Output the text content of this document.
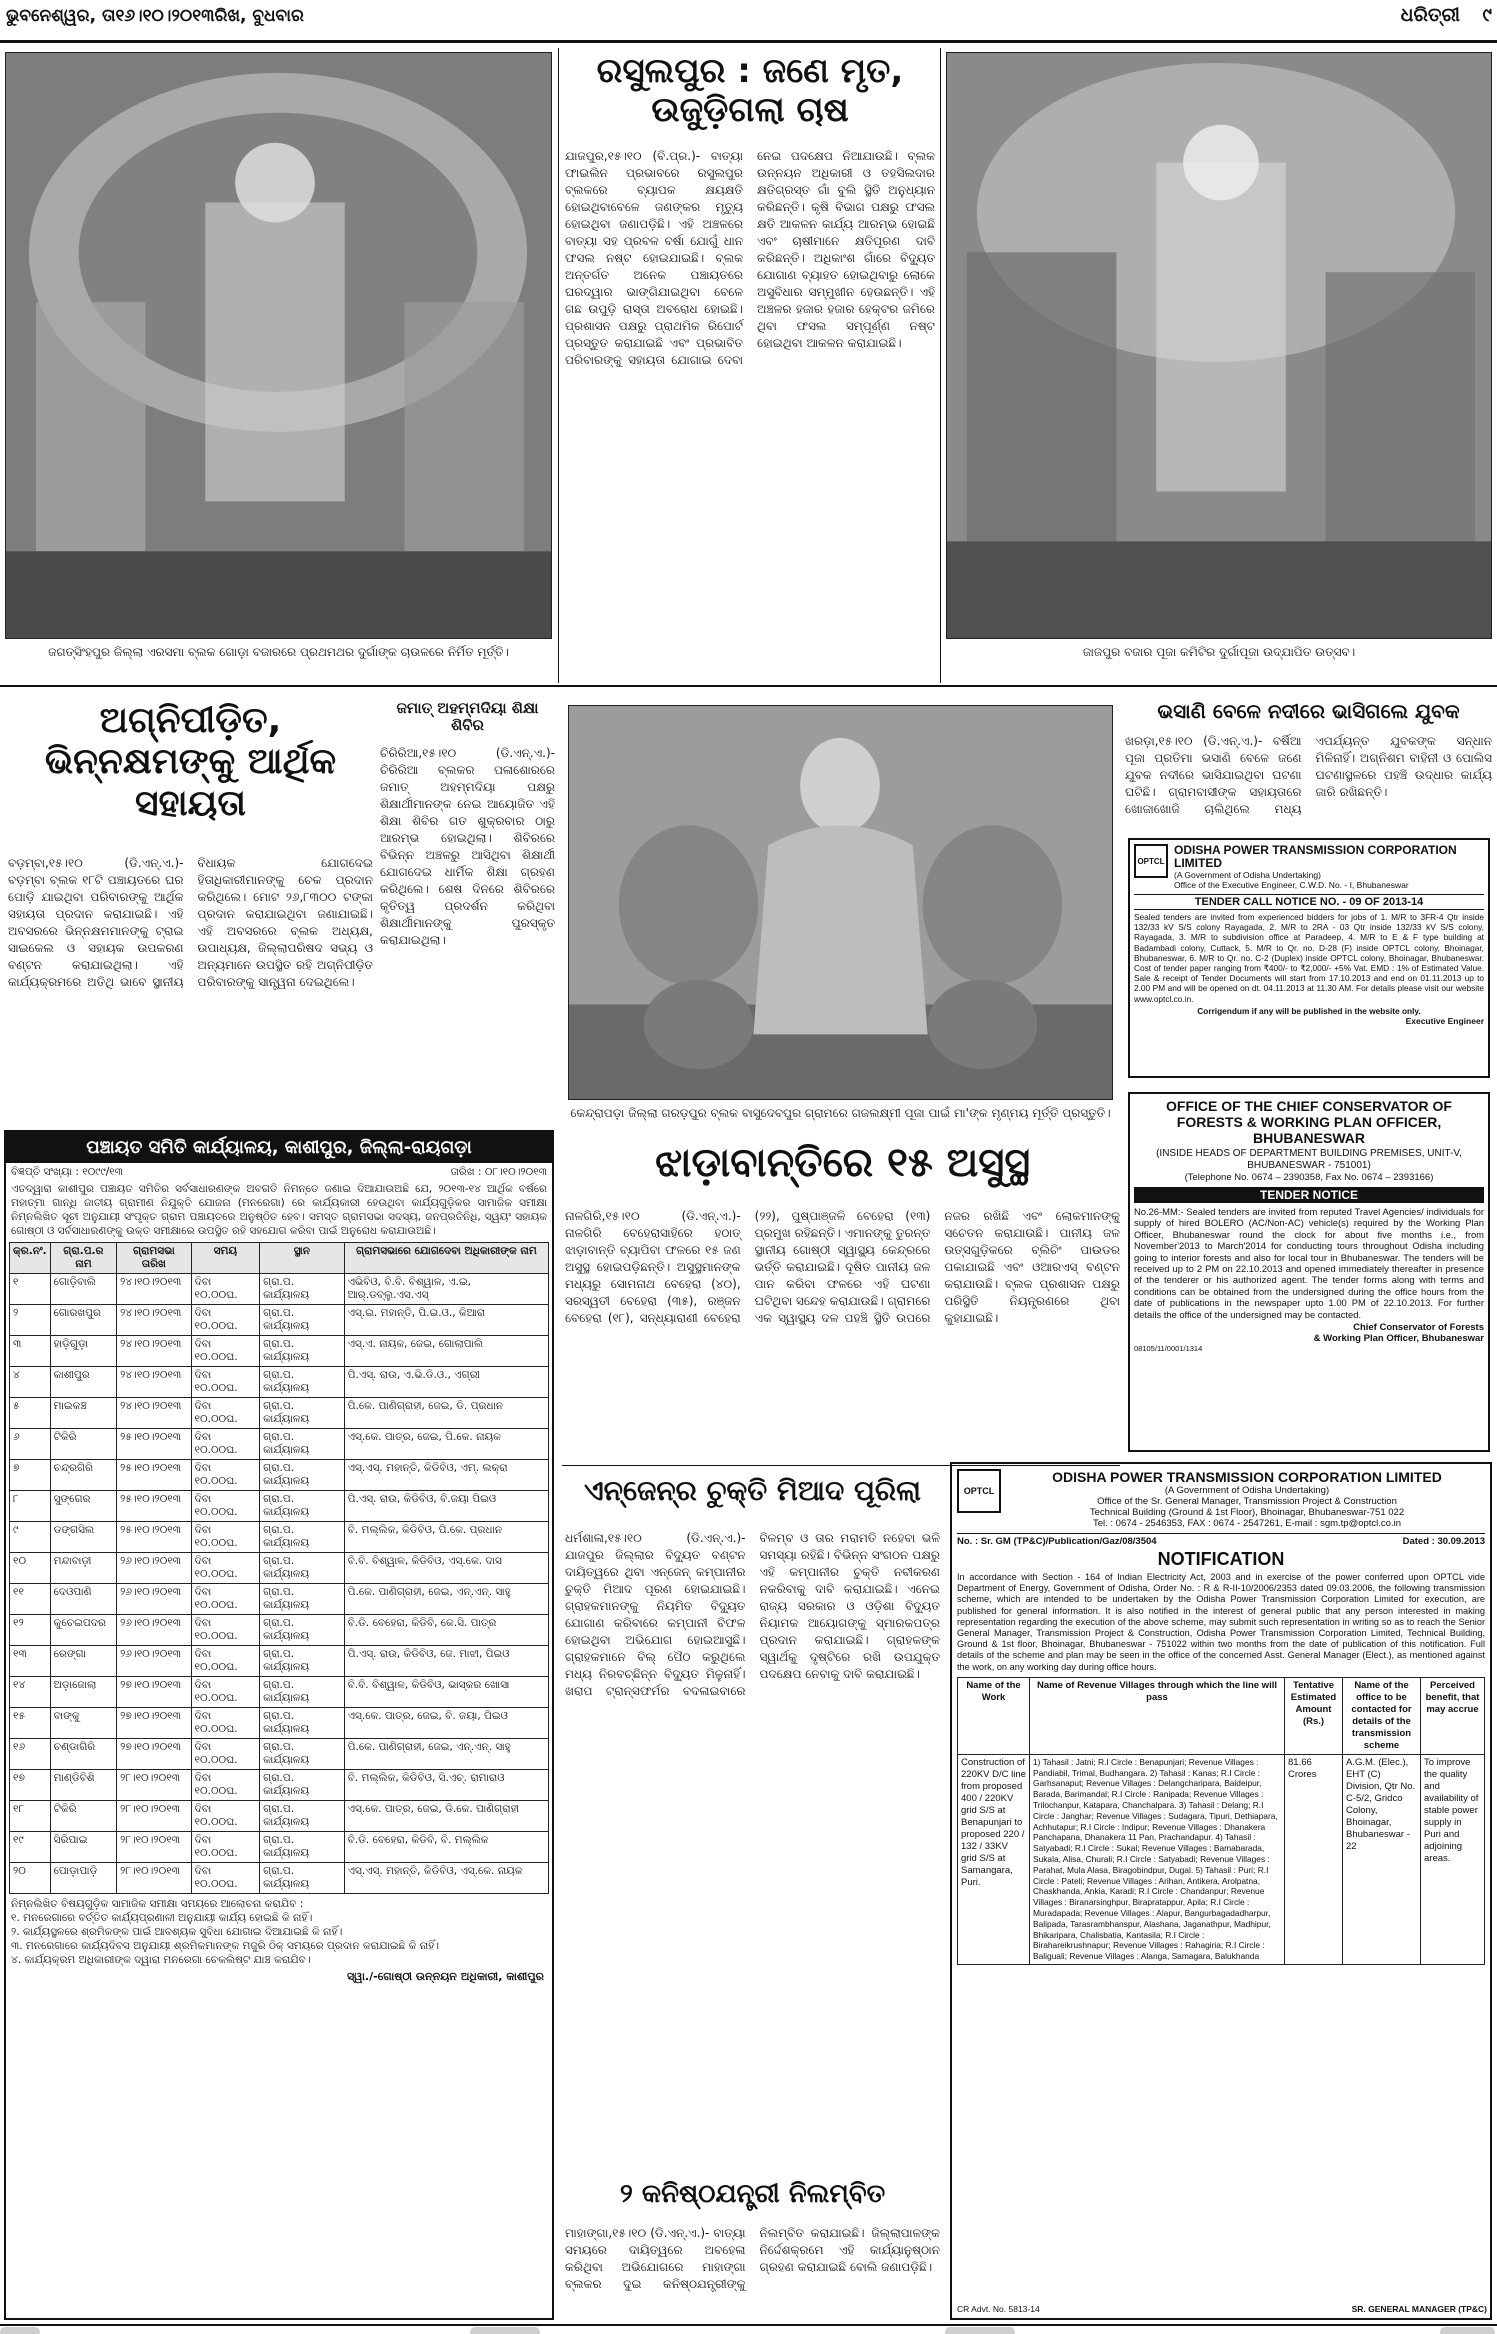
ଭୁବନେଶ୍ୱର, ତା୧୬।୧୦।୨୦୧୩ରିଖ, ବୁଧବାର	ଧରିତ୍ରୀ	୯
ଜଗତ୍‌ସିଂହପୁର ଜିଲ୍ଲା ଏରସମା ବ୍ଲକ ଗୋଡ଼ା ବଜାରରେ ପ୍ରଥମଥର ଦୁର୍ଗାଙ୍କ ଚାଉଳରେ ନିର୍ମିତ ମୂର୍ତ୍ତି।
ରସୁଲପୁର : ଜଣେ ମୃତ, ଉଜୁଡ଼ିଗଲା ଚାଷ
ଯାଜପୁର,୧୫।୧୦ (ବି.ପ୍ର.)- ବାତ୍ୟା ଫାଇଲିନ ପ୍ରଭାବରେ ରସୁଲପୁର ବ୍ଲକରେ ବ୍ୟାପକ କ୍ଷୟକ୍ଷତି ହୋଇଥିବାବେଳେ ଜଣଙ୍କର ମୃତ୍ୟୁ ହୋଇଥିବା ଜଣାପଡ଼ିଛି। ଏହି ଅଞ୍ଚଳରେ ବାତ୍ୟା ସହ ପ୍ରବଳ ବର୍ଷା ଯୋଗୁଁ ଧାନ ଫସଲ ନଷ୍ଟ ହୋଇଯାଇଛି। ବ୍ଲକ ଅନ୍ତର୍ଗତ ଅନେକ ପଞ୍ଚାୟତରେ ଘରଦ୍ୱାର ଭାଙ୍ଗିଯାଇଥିବା ବେଳେ ଗଛ ଉପୁଡ଼ି ରାସ୍ତା ଅବରୋଧ ହୋଇଛି। ପ୍ରଶାସନ ପକ୍ଷରୁ ପ୍ରାଥମିକ ରିପୋର୍ଟ ପ୍ରସ୍ତୁତ କରାଯାଇଛି ଏବଂ ପ୍ରଭାବିତ ପରିବାରଙ୍କୁ ସହାୟତା ଯୋଗାଇ ଦେବା ନେଇ ପଦକ୍ଷେପ ନିଆଯାଉଛି। ବ୍ଲକ ଉନ୍ନୟନ ଅଧିକାରୀ ଓ ତହସିଲଦାର କ୍ଷତିଗ୍ରସ୍ତ ଗାଁ ବୁଲି ସ୍ଥିତି ଅନୁଧ୍ୟାନ କରିଛନ୍ତି। କୃଷି ବିଭାଗ ପକ୍ଷରୁ ଫସଲ କ୍ଷତି ଆକଳନ କାର୍ଯ୍ୟ ଆରମ୍ଭ ହୋଇଛି ଏବଂ ଚାଷୀମାନେ କ୍ଷତିପୂରଣ ଦାବି କରିଛନ୍ତି। ଅଧିକାଂଶ ଗାଁରେ ବିଦ୍ୟୁତ ଯୋଗାଣ ବ୍ୟାହତ ହୋଇଥିବାରୁ ଲୋକେ ଅସୁବିଧାର ସମ୍ମୁଖୀନ ହେଉଛନ୍ତି। ଏହି ଅଞ୍ଚଳର ହଜାର ହଜାର ହେକ୍ଟର ଜମିରେ ଥିବା ଫସଲ ସମ୍ପୂର୍ଣ୍ଣ ନଷ୍ଟ ହୋଇଥିବା ଆକଳନ କରାଯାଇଛି।
ଜାଜପୁର ବଜାର ପୂଜା କମିଟିର ଦୁର୍ଗାପୂଜା ଉଦ୍‌ଯାପିତ ଉତ୍ସବ।
ଅଗ୍ନିପୀଡ଼ିତ, ଭିନ୍ନକ୍ଷମଙ୍କୁ ଆର୍ଥିକ ସହାୟତା
ବଡ଼ମ୍ବା,୧୫।୧୦ (ଡି.ଏନ୍.ଏ.)- ବଡ଼ମ୍ବା ବ୍ଲକ ୧୮ଟି ପଞ୍ଚାୟତରେ ଘର ପୋଡ଼ି ଯାଇଥିବା ପରିବାରଙ୍କୁ ଆର୍ଥିକ ସହାୟତା ପ୍ରଦାନ କରାଯାଇଛି। ଏହି ଅବସରରେ ଭିନ୍ନକ୍ଷମମାନଙ୍କୁ ଟ୍ରାଇ ସାଇକେଲ ଓ ସହାୟକ ଉପକରଣ ବଣ୍ଟନ କରାଯାଇଥିଲା। ଏହି କାର୍ଯ୍ୟକ୍ରମରେ ଅତିଥି ଭାବେ ସ୍ଥାନୀୟ ବିଧାୟକ ଯୋଗଦେଇ ହିତାଧିକାରୀମାନଙ୍କୁ ଚେକ ପ୍ରଦାନ କରିଥିଲେ। ମୋଟ ୨୬,୮୩୦୦ ଟଙ୍କା ପ୍ରଦାନ କରାଯାଇଥିବା ଜଣାଯାଇଛି। ଏହି ଅବସରରେ ବ୍ଲକ ଅଧ୍ୟକ୍ଷ, ଉପାଧ୍ୟକ୍ଷ, ଜିଲ୍ଲାପରିଷଦ ସଭ୍ୟ ଓ ଅନ୍ୟମାନେ ଉପସ୍ଥିତ ରହି ଅଗ୍ନିପୀଡ଼ିତ ପରିବାରଙ୍କୁ ସାନ୍ତ୍ୱନା ଦେଇଥିଲେ।
ଜମାତ୍‌ ଅହମ୍ମଦିୟା ଶିକ୍ଷା ଶିବିର
ଚିରିରିଆ,୧୫।୧୦ (ଡି.ଏନ୍.ଏ.)- ଚିରିରିଆ ବ୍ଲକର ପଳାଶୋରରେ ଜମାତ୍‌ ଅହମ୍ମଦିୟା ପକ୍ଷରୁ ଶିକ୍ଷାର୍ଥୀମାନଙ୍କ ନେଇ ଆୟୋଜିତ ଏହି ଶିକ୍ଷା ଶିବିର ଗତ ଶୁକ୍ରବାର ଠାରୁ ଆରମ୍ଭ ହୋଇଥିଲା। ଶିବିରରେ ବିଭିନ୍ନ ଅଞ୍ଚଳରୁ ଆସିଥିବା ଶିକ୍ଷାର୍ଥୀ ଯୋଗଦେଇ ଧାର୍ମିକ ଶିକ୍ଷା ଗ୍ରହଣ କରିଥିଲେ। ଶେଷ ଦିନରେ ଶିବିରରେ କୃତିତ୍ୱ ପ୍ରଦର୍ଶନ କରିଥିବା ଶିକ୍ଷାର୍ଥୀମାନଙ୍କୁ ପୁରସ୍କୃତ କରାଯାଇଥିଲା।
କେନ୍ଦ୍ରାପଡ଼ା ଜିଲ୍ଲା ଗରଡ଼ପୁର ବ୍ଲକ ବାସୁଦେବପୁର ଗ୍ରାମରେ ଗଜଲକ୍ଷ୍ମୀ ପୂଜା ପାଇଁ ମା'ଙ୍କ ମୃଣ୍ମୟ ମୂର୍ତ୍ତି ପ୍ରସ୍ତୁତି।
ଭସାଣି ବେଳେ ନଦୀରେ ଭାସିଗଲେ ଯୁବକ
ଖରଡ଼ା,୧୫।୧୦ (ଡି.ଏନ୍.ଏ.)- ବର୍ଷିଆ ପୂଜା ପ୍ରତିମା ଭସାଣି ବେଳେ ଜଣେ ଯୁବକ ନଦୀରେ ଭାସିଯାଇଥିବା ଘଟଣା ଘଟିଛି। ଗ୍ରାମବାସୀଙ୍କ ସହାୟତାରେ ଖୋଜାଖୋଜି ଚାଲିଥିଲେ ମଧ୍ୟ ଏପର୍ଯ୍ୟନ୍ତ ଯୁବକଙ୍କ ସନ୍ଧାନ ମିଳିନାହିଁ। ଅଗ୍ନିଶମ ବାହିନୀ ଓ ପୋଲିସ ଘଟଣାସ୍ଥଳରେ ପହଞ୍ଚି ଉଦ୍ଧାର କାର୍ଯ୍ୟ ଜାରି ରଖିଛନ୍ତି।
OPTCL
ODISHA POWER TRANSMISSION CORPORATION LIMITED
(A Government of Odisha Undertaking)
Office of the Executive Engineer, C.W.D. No. - I, Bhubaneswar
TENDER CALL NOTICE NO. - 09 OF 2013-14
Sealed tenders are invited from experienced bidders for jobs of 1. M/R to 3FR-4 Qtr inside 132/33 kV S/S colony Rayagada, 2. M/R to 2RA - 03 Qtr inside 132/33 kV S/S colony, Rayagada, 3. M/R to subdivision office at Paradeep, 4. M/R to E & F type building at Badambadi colony, Cuttack, 5. M/R to Qr. no. D-28 (F) inside OPTCL colony, Bhoinagar, Bhubaneswar, 6. M/R to Qr. no. C-2 (Duplex) inside OPTCL colony, Bhoinagar, Bhubaneswar. Cost of tender paper ranging from ₹400/- to ₹2,000/- +5% Vat. EMD : 1% of Estimated Value. Sale & receipt of Tender Documents will start from 17.10.2013 and end on 01.11.2013 up to 2.00 PM and will be opened on dt. 04.11.2013 at 11.30 AM. For details please visit our website www.optcl.co.in.
Corrigendum if any will be published in the website only.
Executive Engineer
OFFICE OF THE CHIEF CONSERVATOR OF FORESTS & WORKING PLAN OFFICER, BHUBANESWAR
(INSIDE HEADS OF DEPARTMENT BUILDING PREMISES, UNIT-V, BHUBANESWAR - 751001)
(Telephone No. 0674 – 2390358, Fax No. 0674 – 2393166)
TENDER NOTICE
No.26-MM:- Sealed tenders are invited from reputed Travel Agencies/ individuals for supply of hired BOLERO (AC/Non-AC) vehicle(s) required by the Working Plan Officer, Bhubaneswar round the clock for about five months i.e., from November'2013 to March'2014 for conducting tours throughout Odisha including going to interior forests and also for local tour in Bhubaneswar. The tenders will be received up to 2 PM on 22.10.2013 and opened immediately thereafter in presence of the tenderer or his authorized agent. The tender forms along with terms and conditions can be obtained from the undersigned during the office hours from the date of publications in the newspaper upto 1.00 PM of 22.10.2013. For further details the office of the undersigned may be contacted.
Chief Conservator of Forests
& Working Plan Officer, Bhubaneswar
08105/11/0001/1314
ପଞ୍ଚାୟତ ସମିତି କାର୍ଯ୍ୟାଳୟ, କାଶୀପୁର, ଜିଲ୍ଲା-ରାୟଗଡ଼ା
ବିଜ୍ଞପ୍ତି ସଂଖ୍ୟା : ୧୦୯୯/୧୩	ତାରିଖ : ୦୮।୧୦।୨୦୧୩
ଏତଦ୍ୱାରା କାଶୀପୁର ପଞ୍ଚାୟତ ସମିତିର ସର୍ବସାଧାରଣଙ୍କ ଅବଗତି ନିମନ୍ତେ ଜଣାଇ ଦିଆଯାଉଅଛି ଯେ, ୨୦୧୩-୧୪ ଆର୍ଥିକ ବର୍ଷରେ ମହାତ୍ମା ଗାନ୍ଧି ଜାତୀୟ ଗ୍ରାମୀଣ ନିଯୁକ୍ତି ଯୋଜନା (ମନରେଗା) ରେ କାର୍ଯ୍ୟକାରୀ ହେଉଥିବା କାର୍ଯ୍ୟଗୁଡ଼ିକର ସାମାଜିକ ସମୀକ୍ଷା ନିମ୍ନଲିଖିତ ସୂଚୀ ଅନୁଯାୟୀ ସଂପୃକ୍ତ ଗ୍ରାମ ପଞ୍ଚାୟତରେ ଅନୁଷ୍ଠିତ ହେବ। ସମସ୍ତ ଗ୍ରାମସଭା ସଦସ୍ୟ, ଜନପ୍ରତିନିଧି, ସ୍ୱୟଂ ସହାୟକ ଗୋଷ୍ଠୀ ଓ ସର୍ବସାଧାରଣଙ୍କୁ ଉକ୍ତ ସମୀକ୍ଷାରେ ଉପସ୍ଥିତ ରହି ସହଯୋଗ କରିବା ପାଇଁ ଅନୁରୋଧ କରାଯାଉଅଛି।
କ୍ର.ନଂ.	ଗ୍ରା.ପ.ର ନାମ	ଗ୍ରାମସଭା ତାରିଖ	ସମୟ	ସ୍ଥାନ	ଗ୍ରାମସଭାରେ ଯୋଗଦେବା ଅଧିକାରୀଙ୍କ ନାମ
୧	ଗୋଡ଼ିବାଲି	୨୪।୧୦।୨୦୧୩	ଦିବା ୧୦.୦୦ଘ.	ଗ୍ରା.ପ. କାର୍ଯ୍ୟାଳୟ	ଏଭିବିଓ, ବି.ବି. ବିଶ୍ୱାଳ, ଏ.ଇ, ଆର୍.ଡବ୍ଲୁ.ଏସ.ଏସ୍
୨	ଗୋରଖପୁର	୨୪।୧୦।୨୦୧୩	ଦିବା ୧୦.୦୦ଘ.	ଗ୍ରା.ପ. କାର୍ଯ୍ୟାଳୟ	ଏସ୍.ଇ. ମହାନ୍ତି, ପି.ଇ.ଓ., କିଆରା
୩	ହାଡ଼ିଗୁଡ଼ା	୨୪।୧୦।୨୦୧୩	ଦିବା ୧୦.୦୦ଘ.	ଗ୍ରା.ପ. କାର୍ଯ୍ୟାଳୟ	ଏସ୍.ଏ. ନାୟକ, ଜେଇ, ଗୋଲାପାଲି
୪	କାଶୀପୁର	୨୪।୧୦।୨୦୧୩	ଦିବା ୧୦.୦୦ଘ.	ଗ୍ରା.ପ. କାର୍ଯ୍ୟାଳୟ	ପି.ଏସ୍. ରାଉ, ଏ.ଭି.ଡି.ଓ., ଏଗ୍ରୀ
୫	ମାଇକଞ୍ଚ	୨୪।୧୦।୨୦୧୩	ଦିବା ୧୦.୦୦ଘ.	ଗ୍ରା.ପ. କାର୍ଯ୍ୟାଳୟ	ପି.କେ. ପାଣିଗ୍ରାହୀ, ଜେଇ, ଡି. ପ୍ରଧାନ
୬	ଟିକିରି	୨୫।୧୦।୨୦୧୩	ଦିବା ୧୦.୦୦ଘ.	ଗ୍ରା.ପ. କାର୍ଯ୍ୟାଳୟ	ଏସ୍.କେ. ପାତ୍ର, ଜେଇ, ପି.କେ. ନାୟକ
୭	ଚନ୍ଦ୍ରଗିରି	୨୫।୧୦।୨୦୧୩	ଦିବା ୧୦.୦୦ଘ.	ଗ୍ରା.ପ. କାର୍ଯ୍ୟାଳୟ	ଏସ୍.ଏସ୍. ମହାନ୍ତି, କିଡିବିଓ, ଏମ୍. ଲକ୍ରା
୮	ସୁଙ୍ଗେର	୨୫।୧୦।୨୦୧୩	ଦିବା ୧୦.୦୦ଘ.	ଗ୍ରା.ପ. କାର୍ଯ୍ୟାଳୟ	ପି.ଏସ୍. ରାଉ, କିଡିବିଓ, ବି.ଜୟା ପିଇଓ
୯	ଡଙ୍ଗସିଲ	୨୫।୧୦।୨୦୧୩	ଦିବା ୧୦.୦୦ଘ.	ଗ୍ରା.ପ. କାର୍ଯ୍ୟାଳୟ	ବି. ମଲ୍ଲିକ, କିଡିବିଓ, ପି.କେ. ପ୍ରଧାନ
୧୦	ମନ୍ଦାବାଡ଼ୀ	୨୬।୧୦।୨୦୧୩	ଦିବା ୧୦.୦୦ଘ.	ଗ୍ରା.ପ. କାର୍ଯ୍ୟାଳୟ	ବି.ବି. ବିଶ୍ୱାଳ, କିଡିବିଓ, ଏସ୍.କେ. ଦାସ
୧୧	ଦେଓପାଣି	୨୬।୧୦।୨୦୧୩	ଦିବା ୧୦.୦୦ଘ.	ଗ୍ରା.ପ. କାର୍ଯ୍ୟାଳୟ	ପି.କେ. ପାଣିଗ୍ରାହୀ, ଜେଇ, ଏନ୍.ଏନ୍. ସାହୁ
୧୨	କୁଚେଇପଦର	୨୬।୧୦।୨୦୧୩	ଦିବା ୧୦.୦୦ଘ.	ଗ୍ରା.ପ. କାର୍ଯ୍ୟାଳୟ	ବି.ଡି. ବେହେରା, କିଡିବି, କେ.ସି. ପାତ୍ର
୧୩	ରେଙ୍ଗା	୨୬।୧୦।୨୦୧୩	ଦିବା ୧୦.୦୦ଘ.	ଗ୍ରା.ପ. କାର୍ଯ୍ୟାଳୟ	ପି.ଏସ୍. ରାଉ, କିଡିବିଓ, ଜେ. ମାଝୀ, ପିଇଓ
୧୪	ଅଡ଼ାଜୋଲା	୨୭।୧୦।୨୦୧୩	ଦିବା ୧୦.୦୦ଘ.	ଗ୍ରା.ପ. କାର୍ଯ୍ୟାଳୟ	ବି.ବି. ବିଶ୍ୱାଳ, କିଡିବିଓ, ଭାସ୍କର ଖୋସା
୧୫	ବାଙ୍କୁ	୨୭।୧୦।୨୦୧୩	ଦିବା ୧୦.୦୦ଘ.	ଗ୍ରା.ପ. କାର୍ଯ୍ୟାଳୟ	ଏସ୍.କେ. ପାତ୍ର, ଜେଇ, ବି. ଜୟା, ପିଇଓ
୧୬	ଚଣ୍ଡାଗିରି	୨୭।୧୦।୨୦୧୩	ଦିବା ୧୦.୦୦ଘ.	ଗ୍ରା.ପ. କାର୍ଯ୍ୟାଳୟ	ପି.କେ. ପାଣିଗ୍ରାହୀ, ଜେଇ, ଏନ୍.ଏନ୍. ସାହୁ
୧୭	ମାଣ୍ଡିବିଶି	୨୮।୧୦।୨୦୧୩	ଦିବା ୧୦.୦୦ଘ.	ଗ୍ରା.ପ. କାର୍ଯ୍ୟାଳୟ	ବି. ମଲ୍ଲିକ, କିଡିବିଓ, ସି.ଏଚ୍. ରାମାରାଓ
୧୮	ଟିକିରି	୨୮।୧୦।୨୦୧୩	ଦିବା ୧୦.୦୦ଘ.	ଗ୍ରା.ପ. କାର୍ଯ୍ୟାଳୟ	ଏସ୍.କେ. ପାତ୍ର, ଜେଇ, ଡି.କେ. ପାଣିଗ୍ରାହୀ
୧୯	ସିରିପାଇ	୨୮।୧୦।୨୦୧୩	ଦିବା ୧୦.୦୦ଘ.	ଗ୍ରା.ପ. କାର୍ଯ୍ୟାଳୟ	ବି.ଡି. ବେହେରା, କିଡିବି, ବି. ମଲ୍ଲିକ
୨୦	ପୋଡ଼ାପାଡ଼ି	୨୮।୧୦।୨୦୧୩	ଦିବା ୧୦.୦୦ଘ.	ଗ୍ରା.ପ. କାର୍ଯ୍ୟାଳୟ	ଏସ୍.ଏସ୍. ମହାନ୍ତି, କିଡିବିଓ, ଏସ୍.କେ. ନାୟକ
ନିମ୍ନଲିଖିତ ବିଷୟଗୁଡ଼ିକ ସାମାଜିକ ସମୀକ୍ଷା ସମୟରେ ଆଲୋଚନା କରାଯିବ :
୧. ମନରେଗାରେ ବର୍ତ୍ତିତ କାର୍ଯ୍ୟପ୍ରଣାଳୀ ଅନୁଯାୟୀ କାର୍ଯ୍ୟ ହୋଇଛି କି ନାହିଁ।
୨. କାର୍ଯ୍ୟସ୍ଥଳରେ ଶ୍ରମିକଙ୍କ ପାଇଁ ଆବଶ୍ୟକ ସୁବିଧା ଯୋଗାଇ ଦିଆଯାଇଛି କି ନାହିଁ।
୩. ମନରେଗାରେ କାର୍ଯ୍ୟଦିବସ ଅନୁଯାୟୀ ଶ୍ରମିକମାନଙ୍କ ମଜୁରି ଠିକ୍ ସମୟରେ ପ୍ରଦାନ କରାଯାଇଛି କି ନାହିଁ।
୪. କାର୍ଯ୍ୟକ୍ରମ ଅଧିକାରୀଙ୍କ ଦ୍ୱାରା ମନରେଗା ଚେକଲିଷ୍ଟ ଯାଞ୍ଚ କରାଯିବ।
ସ୍ୱା./-ଗୋଷ୍ଠୀ ଉନ୍ନୟନ ଅଧିକାରୀ, କାଶୀପୁର
ଝାଡ଼ାବାନ୍ତିରେ ୧୫ ଅସୁସ୍ଥ
ନାଳଗିରି,୧୫।୧୦ (ଡି.ଏନ୍.ଏ.)- ନାଳଗିରି ବେହେରାସାହିରେ ହଠାତ୍ ଝାଡ଼ାବାନ୍ତି ବ୍ୟାପିବା ଫଳରେ ୧୫ ଜଣ ଅସୁସ୍ଥ ହୋଇପଡ଼ିଛନ୍ତି। ଅସୁସ୍ଥମାନଙ୍କ ମଧ୍ୟରୁ ସୋମନାଥ ବେହେରା (୪୦), ସରସ୍ୱତୀ ବେହେରା (୩୫), ରଞ୍ଜନ ବେହେରା (୧୮), ସନ୍ଧ୍ୟାରାଣୀ ବେହେରା (୨୨), ପୁଷ୍ପାଞ୍ଜଳି ବେହେରା (୧୩) ପ୍ରମୁଖ ରହିଛନ୍ତି। ଏମାନଙ୍କୁ ତୁରନ୍ତ ସ୍ଥାନୀୟ ଗୋଷ୍ଠୀ ସ୍ୱାସ୍ଥ୍ୟ କେନ୍ଦ୍ରରେ ଭର୍ତ୍ତି କରାଯାଇଛି। ଦୂଷିତ ପାନୀୟ ଜଳ ପାନ କରିବା ଫଳରେ ଏହି ଘଟଣା ଘଟିଥିବା ସନ୍ଦେହ କରାଯାଉଛି। ଗ୍ରାମରେ ଏକ ସ୍ୱାସ୍ଥ୍ୟ ଦଳ ପହଞ୍ଚି ସ୍ଥିତି ଉପରେ ନଜର ରଖିଛି ଏବଂ ଲୋକମାନଙ୍କୁ ସଚେତନ କରାଯାଉଛି। ପାନୀୟ ଜଳ ଉତ୍ସଗୁଡ଼ିକରେ ବ୍ଲିଚିଂ ପାଉଡର ପକାଯାଇଛି ଏବଂ ଓଆରଏସ୍ ବଣ୍ଟନ କରାଯାଉଛି। ବ୍ଲକ ପ୍ରଶାସନ ପକ୍ଷରୁ ପରିସ୍ଥିତି ନିୟନ୍ତ୍ରଣରେ ଥିବା କୁହାଯାଇଛି।
ଏନ୍‌ଜେନ୍‌ର ଚୁକ୍ତି ମିଆଦ ପୂରିଲା
ଧର୍ମଶାଳା,୧୫।୧୦ (ଡି.ଏନ୍.ଏ.)- ଯାଜପୁର ଜିଲ୍ଲାର ବିଦ୍ୟୁତ ବଣ୍ଟନ ଦାୟିତ୍ୱରେ ଥିବା ଏନ୍‌ଜେନ୍ କମ୍ପାନୀର ଚୁକ୍ତି ମିଆଦ ପୂରଣ ହୋଇଯାଇଛି। ଗ୍ରାହକମାନଙ୍କୁ ନିୟମିତ ବିଦ୍ୟୁତ ଯୋଗାଣ କରିବାରେ କମ୍ପାନୀ ବିଫଳ ହୋଇଥିବା ଅଭିଯୋଗ ହୋଇଆସୁଛି। ଗ୍ରାହକମାନେ ବିଲ୍ ପୈଠ କରୁଥିଲେ ମଧ୍ୟ ନିରବଚ୍ଛିନ୍ନ ବିଦ୍ୟୁତ ମିଳୁନାହିଁ। ଖରାପ ଟ୍ରାନ୍ସଫର୍ମର ବଦଳାଇବାରେ ବିଳମ୍ବ ଓ ତାର ମରାମତି ନହେବା ଭଳି ସମସ୍ୟା ରହିଛି। ବିଭିନ୍ନ ସଂଗଠନ ପକ୍ଷରୁ ଏହି କମ୍ପାନୀର ଚୁକ୍ତି ନବୀକରଣ ନକରିବାକୁ ଦାବି କରାଯାଇଛି। ଏନେଇ ରାଜ୍ୟ ସରକାର ଓ ଓଡ଼ିଶା ବିଦ୍ୟୁତ ନିୟାମକ ଆୟୋଗଙ୍କୁ ସ୍ମାରକପତ୍ର ପ୍ରଦାନ କରାଯାଇଛି। ଗ୍ରାହକଙ୍କ ସ୍ୱାର୍ଥକୁ ଦୃଷ୍ଟିରେ ରଖି ଉପଯୁକ୍ତ ପଦକ୍ଷେପ ନେବାକୁ ଦାବି କରାଯାଇଛି।
୨ କନିଷ୍ଠଯନ୍ତ୍ରୀ ନିଲମ୍ବିତ
ମାହାଙ୍ଗା,୧୫।୧୦ (ଡି.ଏନ୍.ଏ.)- ବାତ୍ୟା ସମୟରେ ଦାୟିତ୍ୱରେ ଅବହେଳା କରିଥିବା ଅଭିଯୋଗରେ ମାହାଙ୍ଗା ବ୍ଲକର ଦୁଇ କନିଷ୍ଠଯନ୍ତ୍ରୀଙ୍କୁ ନିଲମ୍ବିତ କରାଯାଇଛି। ଜିଲ୍ଲାପାଳଙ୍କ ନିର୍ଦ୍ଦେଶକ୍ରମେ ଏହି କାର୍ଯ୍ୟାନୁଷ୍ଠାନ ଗ୍ରହଣ କରାଯାଇଛି ବୋଲି ଜଣାପଡ଼ିଛି।
OPTCL
ODISHA POWER TRANSMISSION CORPORATION LIMITED
(A Government of Odisha Undertaking)
Office of the Sr. General Manager, Transmission Project & Construction
Technical Building (Ground & 1st Floor), Bhoinagar, Bhubaneswar-751 022
Tel. : 0674 - 2546353, FAX : 0674 - 2547261, E-mail : sgm.tp@optcl.co.in
No. : Sr. GM (TP&C)/Publication/Gaz/08/3504	Dated : 30.09.2013
NOTIFICATION
In accordance with Section - 164 of Indian Electricity Act, 2003 and in exercise of the power conferred upon OPTCL vide Department of Energy, Government of Odisha, Order No. : R & R-II-10/2006/2353 dated 09.03.2006, the following transmission scheme, which are intended to be undertaken by the Odisha Power Transmission Corporation Limited for execution, are published for general information. It is also notified in the interest of general public that any person interested in making representation regarding the execution of the above scheme, may submit such representation in writing so as to reach the Senior General Manager, Transmission Project & Construction, Odisha Power Transmission Corporation Limited, Technical Building, Ground & 1st floor, Bhoinagar, Bhubaneswar - 751022 within two months from the date of publication of this notification. Full details of the scheme and plan may be seen in the office of the concerned Asst. General Manager (Elect.), as mentioned against the work, on any working day during office hours.
Name of the Work	Name of Revenue Villages through which the line will pass	Tentative Estimated Amount (Rs.)	Name of the office to be contacted for details of the transmission scheme	Perceived benefit, that may accrue
Construction of 220KV D/C line from proposed 400 / 220KV grid S/S at Benapunjari to proposed 220 / 132 / 33KV grid S/S at Samangara, Puri.	1) Tahasil : Jatni; R.I Circle : Benapunjari; Revenue Villages : Pandiabil, Trimal, Budhangara. 2) Tahasil : Kanas; R.I Circle : Garhsanaput; Revenue Villages : Delangcharipara, Baideipur, Barada, Barimandal; R.I Circle : Ranipada; Revenue Villages : Trilochanpur, Katapara, Chanchalpara. 3) Tahasil : Delang; R.I Circle : Janghar; Revenue Villages : Sudagara, Tipuri, Dethiapara, Achhutapur; R.I Circle : Indipur; Revenue Villages : Dhanakera Panchapana, Dhanakera 11 Pan, Prachandapur. 4) Tahasil : Satyabadi; R.I Circle : Sukal; Revenue Villages : Bamabarada, Sukala, Alisa, Churali; R.I Circle : Satyabadi; Revenue Villages : Parahat, Mula Alasa, Biragobindpur, Dugal. 5) Tahasil : Puri; R.I Circle : Pateli; Revenue Villages : Arihan, Antikera, Arolpatna, Chaskhanda, Ankia, Karadi; R.I Circle : Chandanpur; Revenue Villages : Biranarsinghpur, Birapratappur, Apila; R.I Circle : Muradapada; Revenue Villages : Alapur, Bangurbagadadharpur, Balipada, Tarasrambhanspur, Alashana, Jaganathpur, Madhipur, Bhikaripara, Chalisbatia, Kantasila; R.I Circle : Birahareikrushnapur; Revenue Villages : Rahagiria; R.I Circle : Baliguali; Revenue Villages : Alanga, Samagara, Balukhanda	81.66 Crores	A.G.M. (Elec.), EHT (C) Division, Qtr No. C-5/2, Gridco Colony, Bhoinagar, Bhubaneswar - 22	To improve the quality and availability of stable power supply in Puri and adjoining areas.
CR Advt. No. 5813-14	SR. GENERAL MANAGER (TP&C)
